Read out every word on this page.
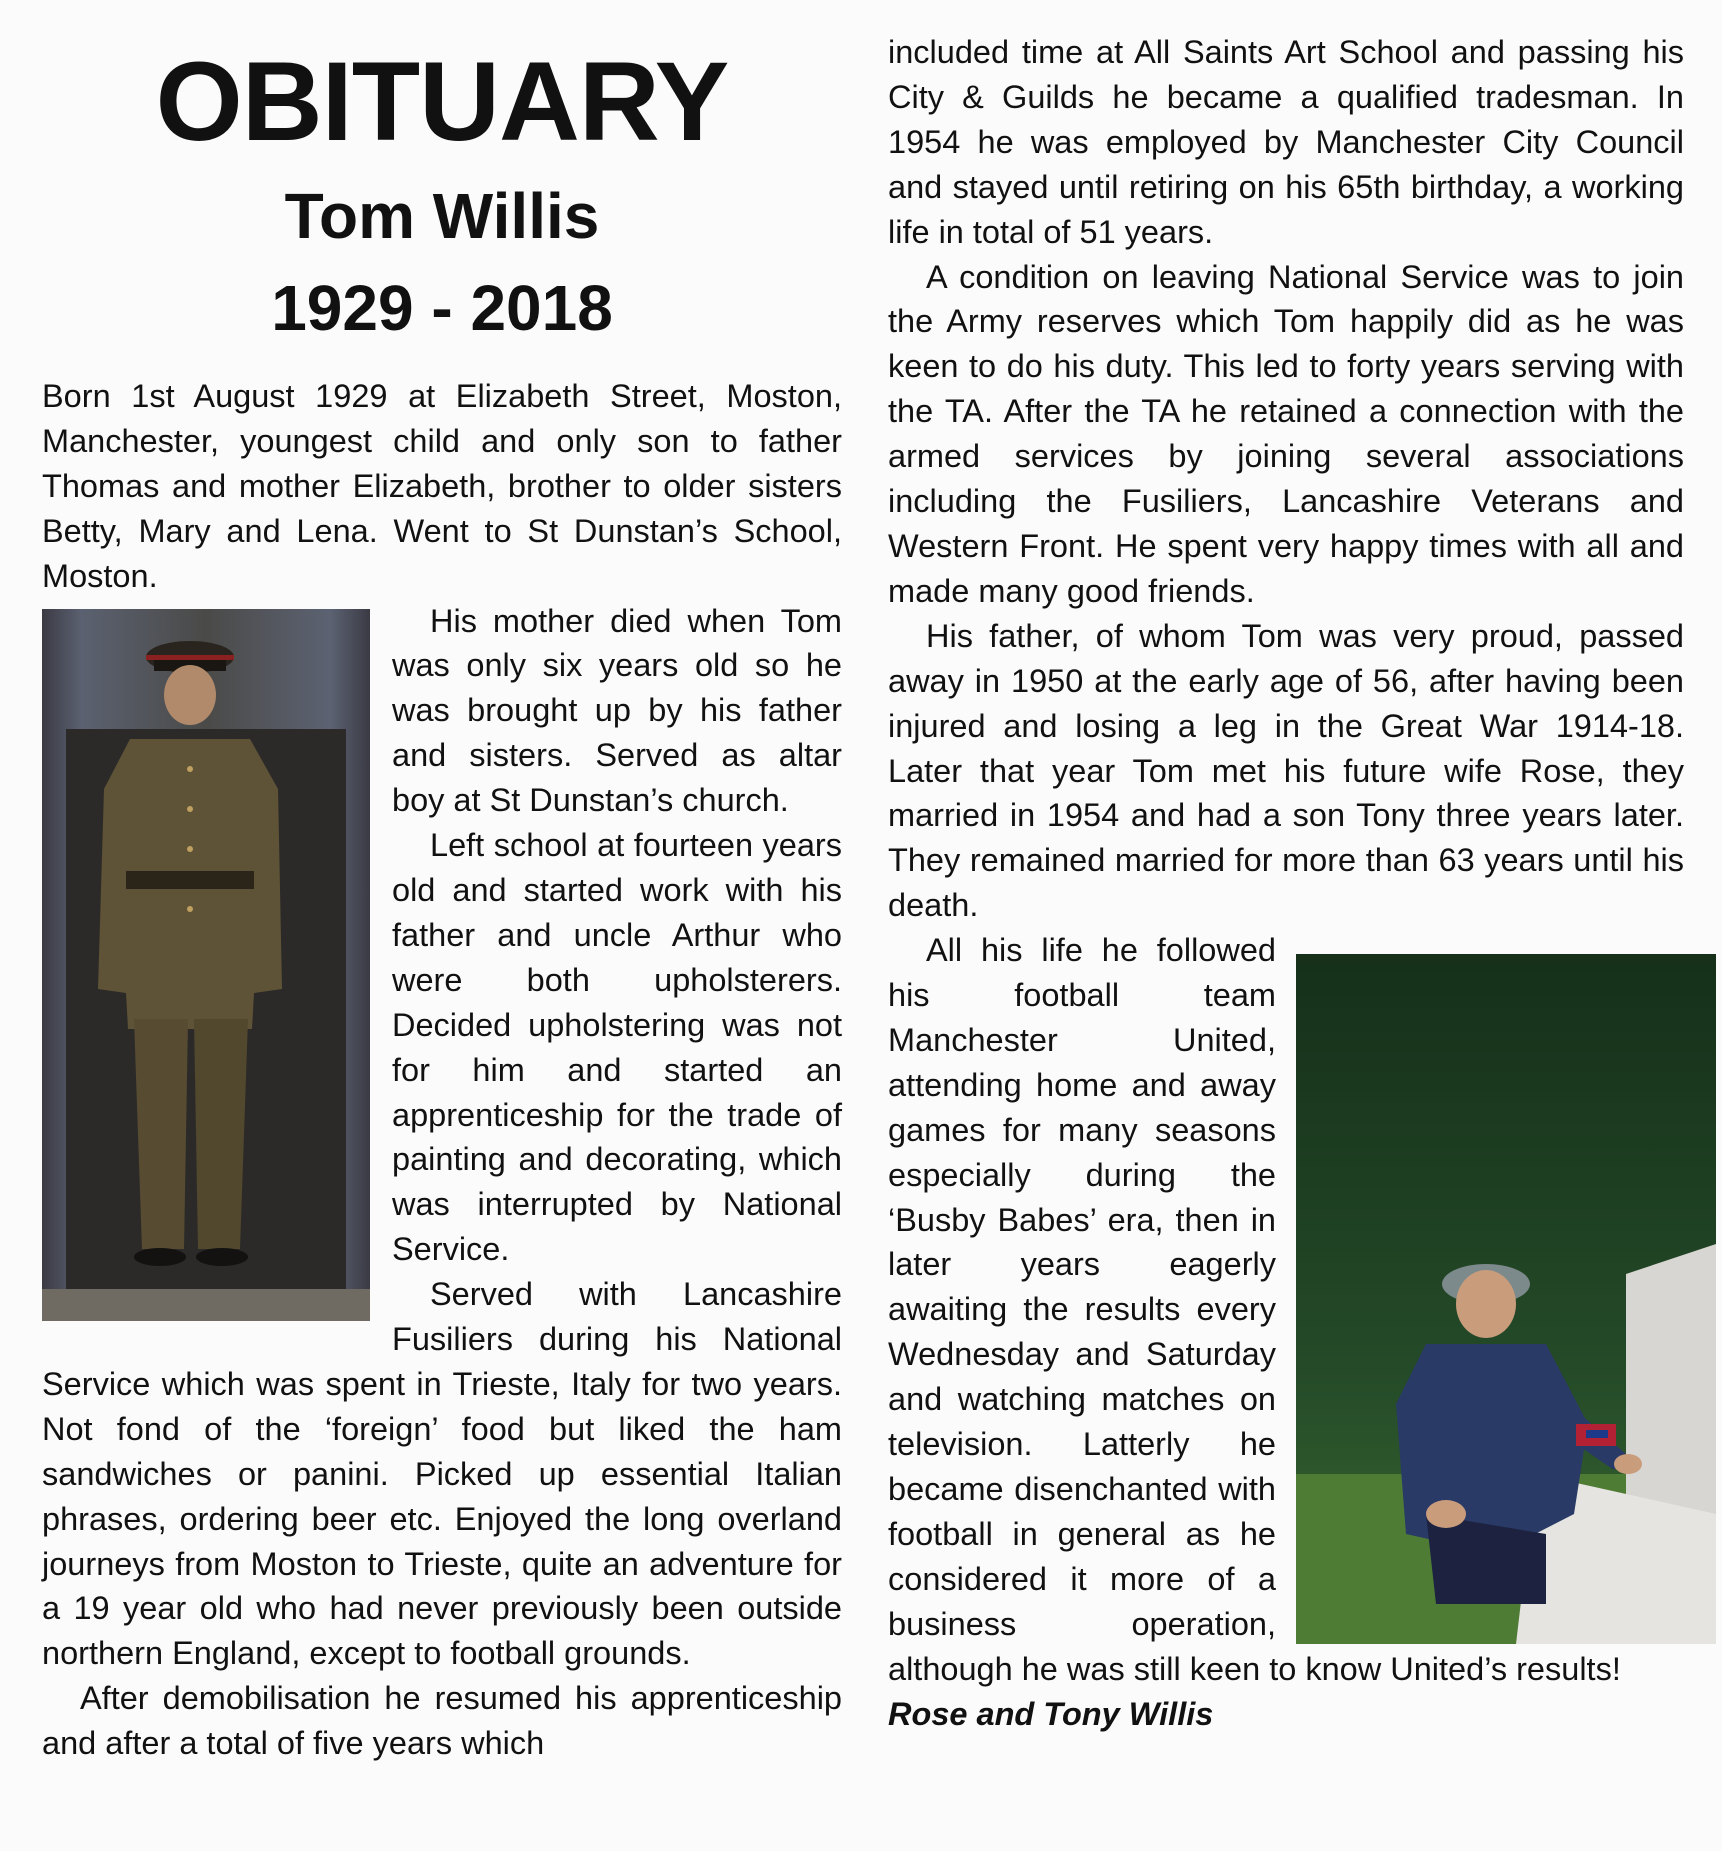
OBITUARY
Tom Willis
1929 - 2018

Born 1st August 1929 at Elizabeth Street, Moston, Manchester, youngest child and only son to father Thomas and mother Elizabeth, brother to older sisters Betty, Mary and Lena. Went to St Dunstan’s School, Moston.

His mother died when Tom was only six years old so he was brought up by his father and sisters. Served as altar boy at St Dunstan’s church.

Left school at fourteen years old and started work with his father and uncle Arthur who were both upholsterers. Decided upholstering was not for him and started an apprenticeship for the trade of painting and decorating, which was interrupted by National Service.

Served with Lancashire Fusiliers during his National Service which was spent in Trieste, Italy for two years. Not fond of the ‘foreign’ food but liked the ham sandwiches or panini. Picked up essential Italian phrases, ordering beer etc. Enjoyed the long overland journeys from Moston to Trieste, quite an adventure for a 19 year old who had never previously been outside northern England, except to football grounds.

After demobilisation he resumed his apprenticeship and after a total of five years which

included time at All Saints Art School and passing his City & Guilds he became a qualified tradesman. In 1954 he was employed by Manchester City Council and stayed until retiring on his 65th birthday, a working life in total of 51 years.

A condition on leaving National Service was to join the Army reserves which Tom happily did as he was keen to do his duty. This led to forty years serving with the TA. After the TA he retained a connection with the armed services by joining several associations including the Fusiliers, Lancashire Veterans and Western Front. He spent very happy times with all and made many good friends.

His father, of whom Tom was very proud, passed away in 1950 at the early age of 56, after having been injured and losing a leg in the Great War 1914-18. Later that year Tom met his future wife Rose, they married in 1954 and had a son Tony three years later. They remained married for more than 63 years until his death.

All his life he followed his football team Manchester United, attending home and away games for many seasons especially during the ‘Busby Babes’ era, then in later years eagerly awaiting the results every Wednesday and Saturday and watching matches on television. Latterly he became disenchanted with football in general as he considered it more of a business operation, although he was still keen to know United’s results!

Rose and Tony Willis
